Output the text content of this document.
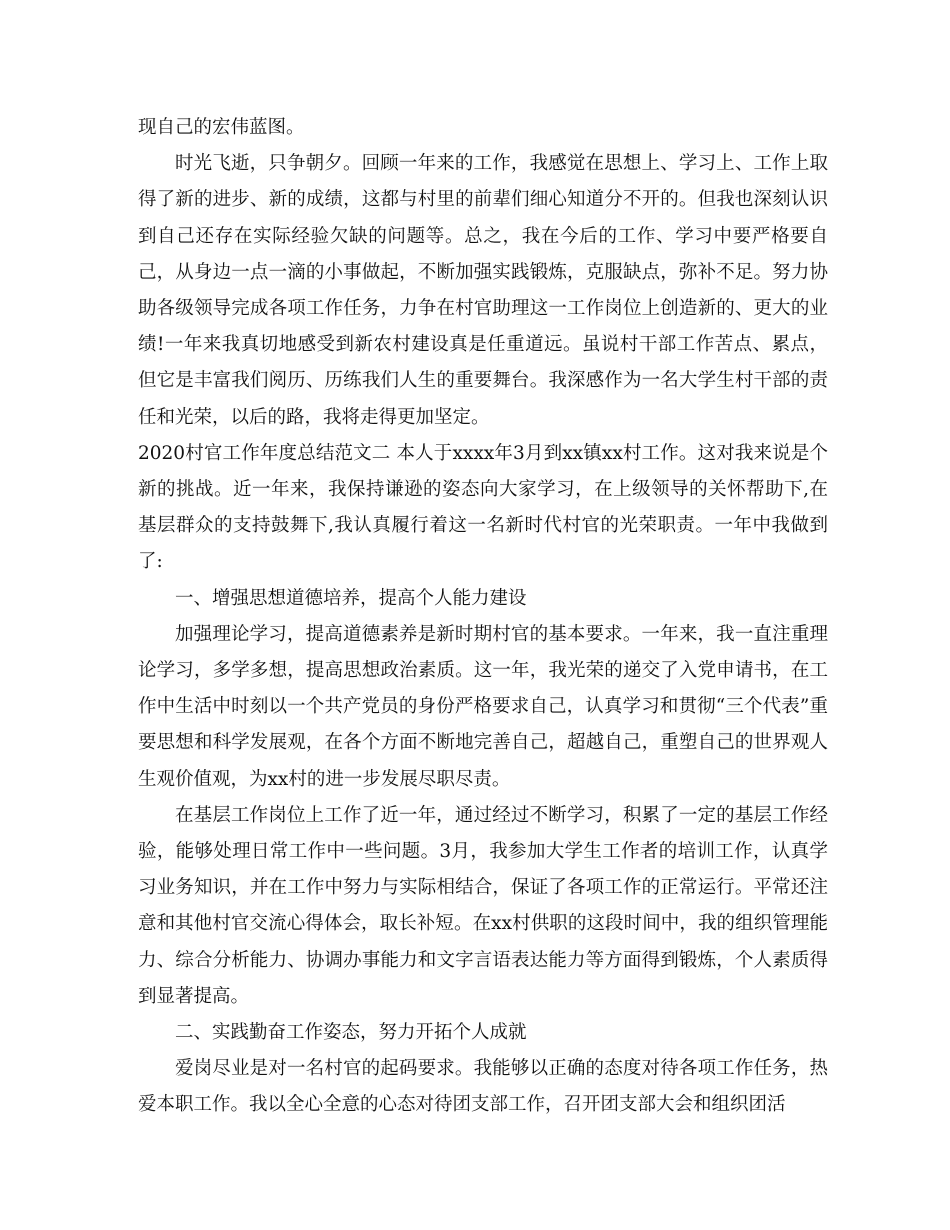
现自己的宏伟蓝图。

时光飞逝，只争朝夕。回顾一年来的工作，我感觉在思想上、学习上、工作上取得了新的进步、新的成绩，这都与村里的前辈们细心知道分不开的。但我也深刻认识到自己还存在实际经验欠缺的问题等。总之，我在今后的工作、学习中要严格要自己，从身边一点一滴的小事做起，不断加强实践锻炼，克服缺点，弥补不足。努力协助各级领导完成各项工作任务，力争在村官助理这一工作岗位上创造新的、更大的业绩!一年来我真切地感受到新农村建设真是任重道远。虽说村干部工作苦点、累点，但它是丰富我们阅历、历练我们人生的重要舞台。我深感作为一名大学生村干部的责任和光荣，以后的路，我将走得更加坚定。

2020村官工作年度总结范文二 本人于xxxx年3月到xx镇xx村工作。这对我来说是个新的挑战。近一年来，我保持谦逊的姿态向大家学习，在上级领导的关怀帮助下,在基层群众的支持鼓舞下,我认真履行着这一名新时代村官的光荣职责。一年中我做到了:

一、增强思想道德培养，提高个人能力建设

加强理论学习，提高道德素养是新时期村官的基本要求。一年来，我一直注重理论学习，多学多想，提高思想政治素质。这一年，我光荣的递交了入党申请书，在工作中生活中时刻以一个共产党员的身份严格要求自己，认真学习和贯彻“三个代表”重要思想和科学发展观，在各个方面不断地完善自己，超越自己，重塑自己的世界观人生观价值观，为xx村的进一步发展尽职尽责。

在基层工作岗位上工作了近一年，通过经过不断学习，积累了一定的基层工作经验，能够处理日常工作中一些问题。3月，我参加大学生工作者的培训工作，认真学习业务知识，并在工作中努力与实际相结合，保证了各项工作的正常运行。平常还注意和其他村官交流心得体会，取长补短。在xx村供职的这段时间中，我的组织管理能力、综合分析能力、协调办事能力和文字言语表达能力等方面得到锻炼，个人素质得到显著提高。

二、实践勤奋工作姿态，努力开拓个人成就

爱岗尽业是对一名村官的起码要求。我能够以正确的态度对待各项工作任务，热爱本职工作。我以全心全意的心态对待团支部工作，召开团支部大会和组织团活
